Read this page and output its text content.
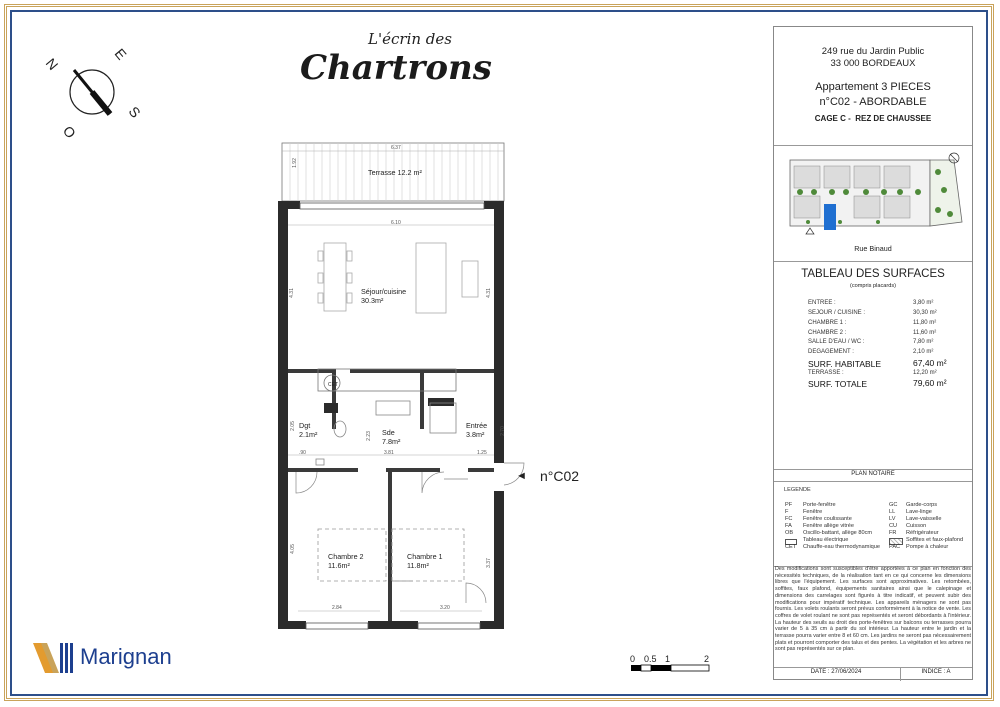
N
E
S
O
L'écrin des
Chartrons
Terrasse 12.2 m²
Séjour/cuisine
30.3m²
Dgt
2.1m²	Sde
7.8m²
Entrée
3.8m²
Chambre 2
11.6m²
Chambre 1
11.8m²
CET
6.37
1.92
6.10
4.31	4.31
2.05
2.23
2.70
.90	3.81	1.25
4.05
3.37
2.84	3.20
◄ n°C02
Marignan	0 0.5 1	2
249 rue du Jardin Public
33 000 BORDEAUX
Appartement 3 PIECES
n°C02 - ABORDABLE
CAGE C -  REZ DE CHAUSSEE
Rue Binaud
TABLEAU DES SURFACES
(compris placards)
ENTREE :	3,80 m²
SEJOUR / CUISINE :	30,30 m²
CHAMBRE 1 :	11,80 m²
CHAMBRE 2 :	11,60 m²
SALLE D'EAU / WC :	7,80 m²
DEGAGEMENT :	2,10 m²
SURF. HABITABLE	67,40 m²
TERRASSE :	12,20 m²
SURF. TOTALE	79,60 m²
PLAN NOTAIRE
LEGENDE
PF Porte-fenêtre
F	Fenêtre
FC Fenêtre coulissante
FA Fenêtre allège vitrée
OB Oscillo-battant, allège 80cm
Tableau électrique
CET Chauffe-eau thermodynamique
GC Garde-corps
LL Lave-linge
LV Lave-vaisselle
CU Cuisson
FR Réfrigérateur
Soffites et faux-plafond
PAC Pompe à chaleur
Des modifications sont susceptibles d'être apportées à ce plan en fonction des nécessités techniques, de la réalisation tant en ce qui concerne les dimensions libres que l'équipement. Les surfaces sont approximatives. Les retombées, soffites, faux plafond, équipements sanitaires ainsi que le calepinage et dimensions des carrelages sont figurés à titre indicatif, et peuvent subir des modifications pour impératif technique. Les appareils ménagers ne sont pas fournis. Les volets roulants seront prévus conformément à la notice de vente. Les coffres de volet roulant ne sont pas représentés et seront débordants à l'intérieur. La hauteur des seuils au droit des porte-fenêtres sur balcons ou terrasses pourra varier de 5 à 35 cm à partir du sol intérieur. La hauteur entre le jardin et la terrasse pourra varier entre 8 et 60 cm. Les jardins ne seront pas nécessairement plats et pourront comporter des talus et des pentes. La végétation et les arbres ne sont pas représentés sur ce plan.
DATE : 27/06/2024	INDICE : A
